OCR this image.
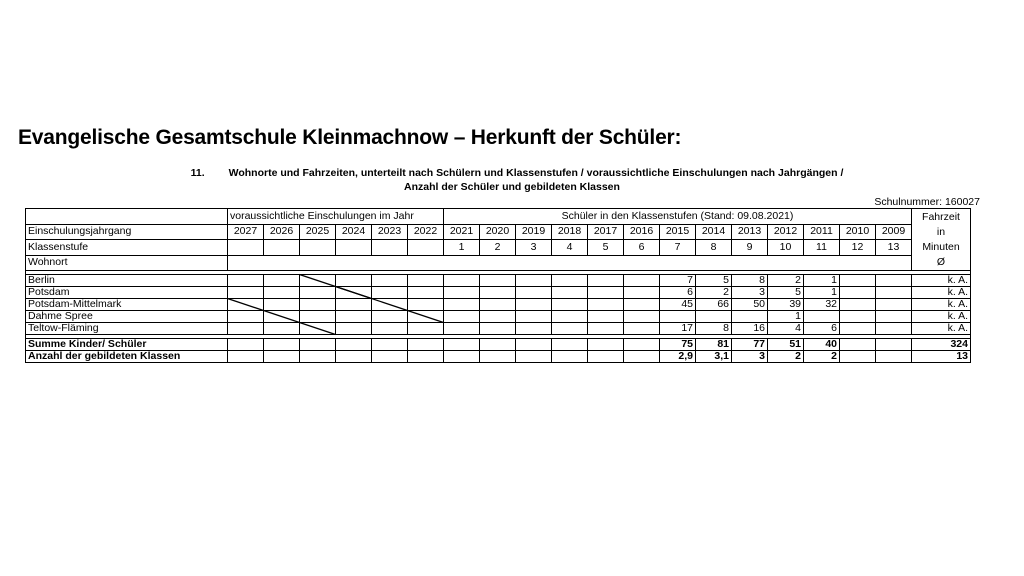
Evangelische Gesamtschule Kleinmachnow – Herkunft der Schüler:
11. Wohnorte und Fahrzeiten, unterteilt nach Schülern und Klassenstufen / voraussichtliche Einschulungen nach Jahrgängen /
Anzahl der Schüler und gebildeten Klassen
Schulnummer: 160027
	voraussichtliche Einschulungen im Jahr						Schüler in den Klassenstufen (Stand: 09.08.2021)													Fahrzeit
in
Minuten
Ø

Einschulungsjahrgang	2027	2026	2025	2024	2023	2022	2021	2020	2019	2018	2017	2016	2015	2014	2013	2012	2011	2010	2009	
Klassenstufe							1	2	3	4	5	6	7	8	9	10	11	12	13	
Wohnort																				

Berlin													7	5	8	2	1			k. A.
Potsdam													6	2	3	5	1			k. A.
Potsdam-Mittelmark													45	66	50	39	32			k. A.
Dahme Spree																1				k. A.
Teltow-Fläming													17	8	16	4	6			k. A.

Summe Kinder/ Schüler													75	81	77	51	40			324
Anzahl der gebildeten Klassen													2,9	3,1	3	2	2			13
